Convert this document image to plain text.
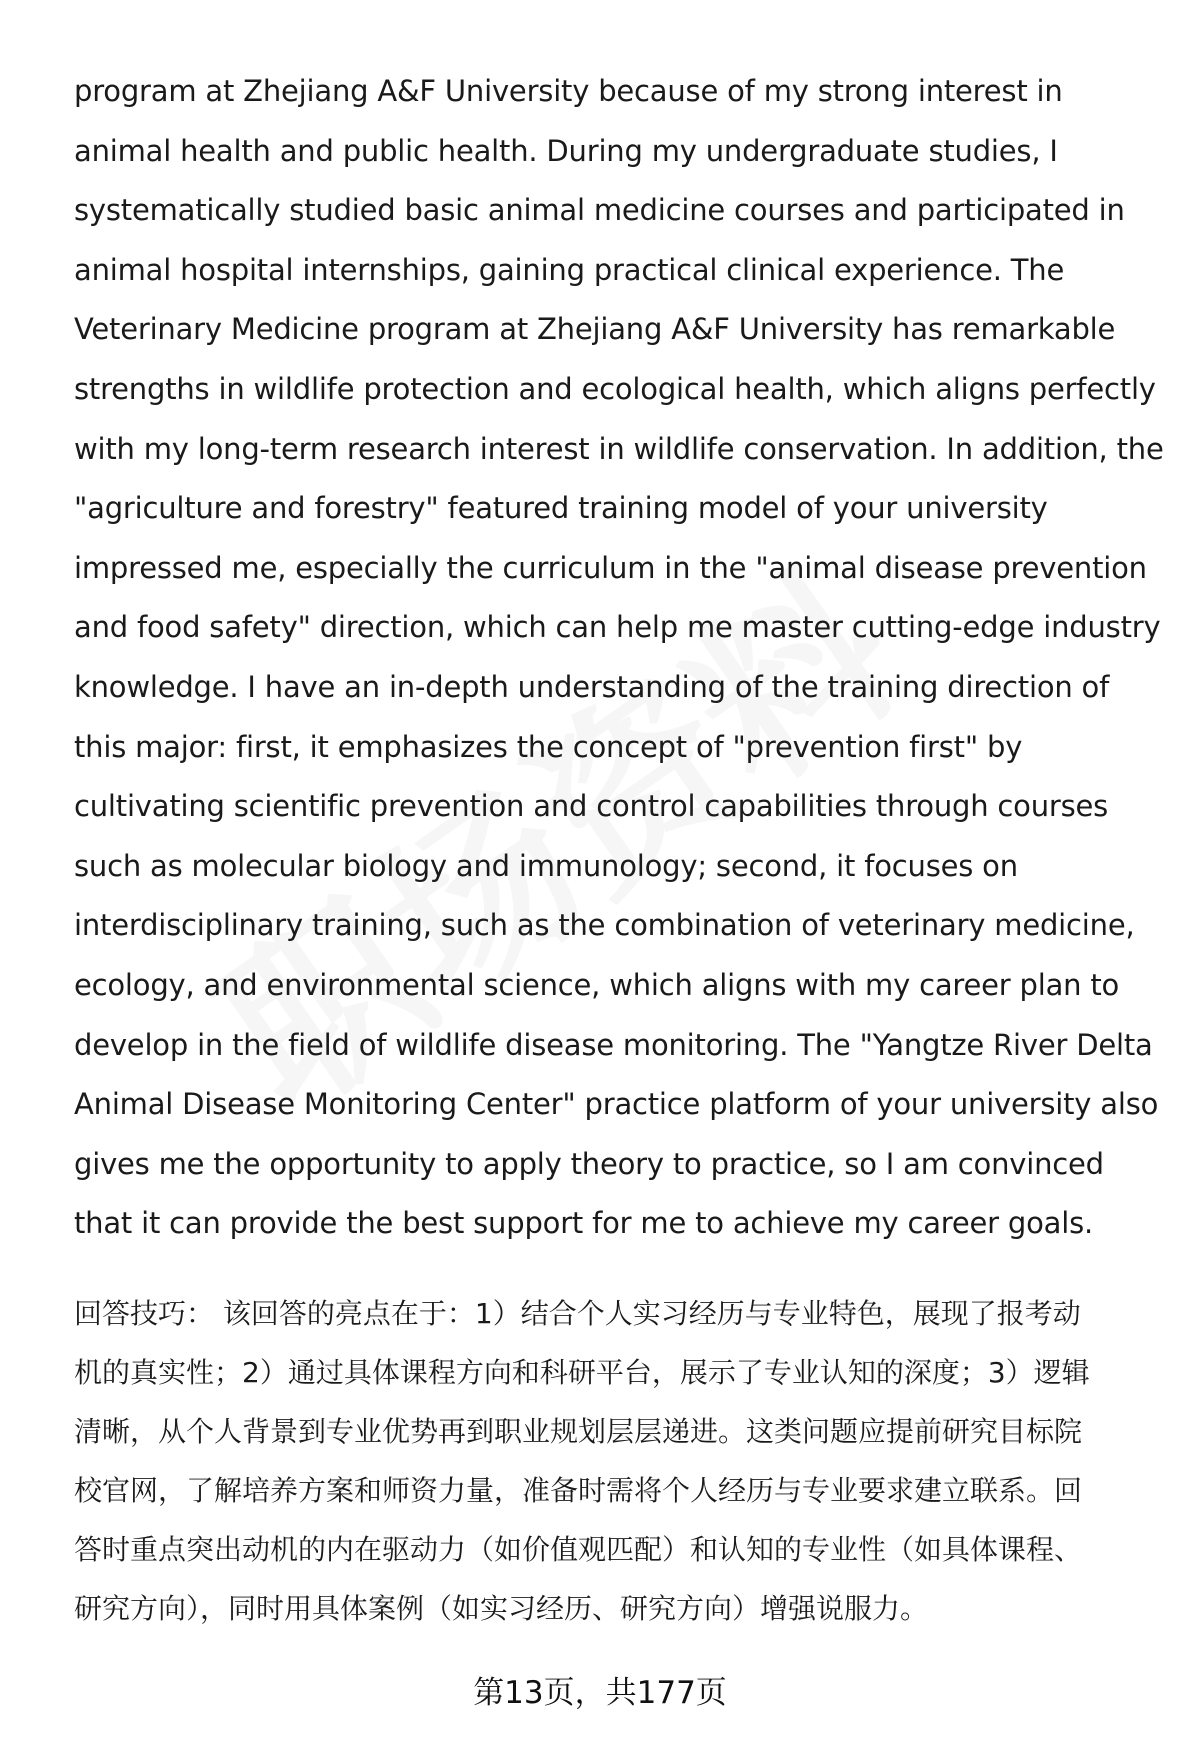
program at Zhejiang A&F University because of my strong interest in
animal health and public health. During my undergraduate studies, I
systematically studied basic animal medicine courses and participated in
animal hospital internships, gaining practical clinical experience. The
Veterinary Medicine program at Zhejiang A&F University has remarkable
strengths in wildlife protection and ecological health, which aligns perfectly
with my long-term research interest in wildlife conservation. In addition, the
"agriculture and forestry" featured training model of your university
impressed me, especially the curriculum in the "animal disease prevention
and food safety" direction, which can help me master cutting-edge industry
knowledge. I have an in-depth understanding of the training direction of
this major: first, it emphasizes the concept of "prevention first" by
cultivating scientific prevention and control capabilities through courses
such as molecular biology and immunology; second, it focuses on
interdisciplinary training, such as the combination of veterinary medicine,
ecology, and environmental science, which aligns with my career plan to
develop in the field of wildlife disease monitoring. The "Yangtze River Delta
Animal Disease Monitoring Center" practice platform of your university also
gives me the opportunity to apply theory to practice, so I am convinced
that it can provide the best support for me to achieve my career goals.
回答技巧： 该回答的亮点在于：1）结合个人实习经历与专业特色，展现了报考动
机的真实性；2）通过具体课程方向和科研平台，展示了专业认知的深度；3）逻辑
清晰，从个人背景到专业优势再到职业规划层层递进。这类问题应提前研究目标院
校官网，了解培养方案和师资力量，准备时需将个人经历与专业要求建立联系。回
答时重点突出动机的内在驱动力（如价值观匹配）和认知的专业性（如具体课程、
研究方向），同时用具体案例（如实习经历、研究方向）增强说服力。
第13页，共177页
